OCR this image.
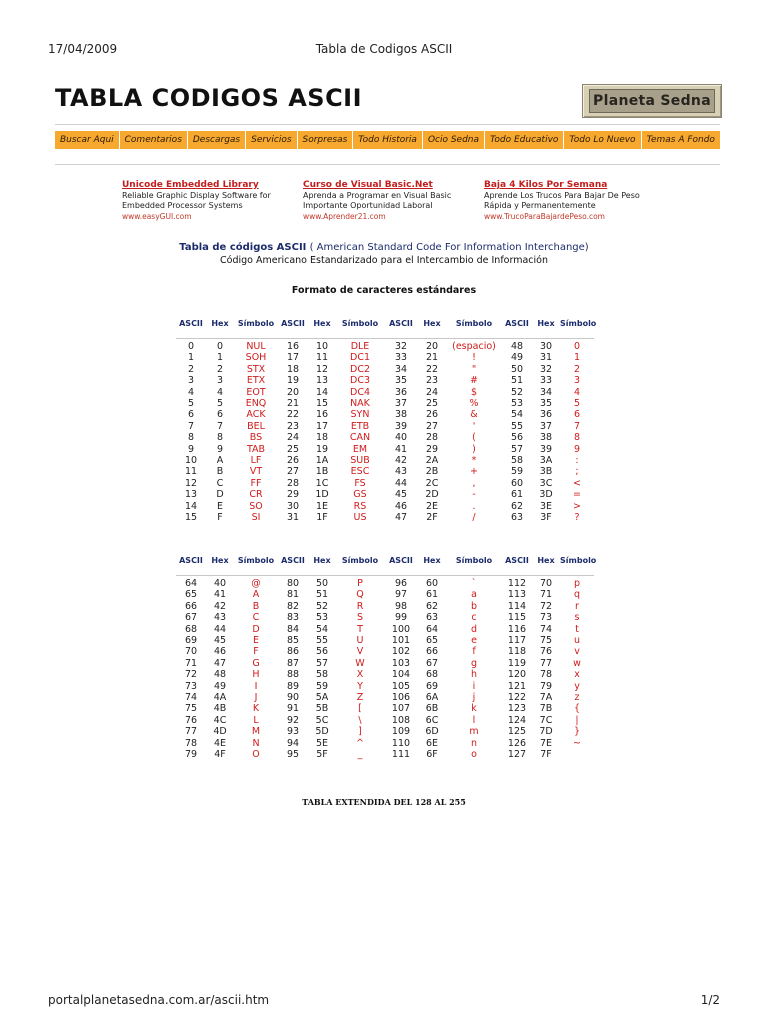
17/04/2009	Tabla de Codigos ASCII
TABLA CODIGOS ASCII	Planeta Sedna
Buscar Aqui	Comentarios	Descargas	Servicios	Sorpresas	Todo Historia	Ocio Sedna	Todo Educativo	Todo Lo Nuevo	Temas A Fondo
Unicode Embedded Library
Reliable Graphic Display Software for Embedded Processor Systems
www.easyGUI.com
Curso de Visual Basic.Net
Aprenda a Programar en Visual Basic Importante Oportunidad Laboral
www.Aprender21.com
Baja 4 Kilos Por Semana
Aprende Los Trucos Para Bajar De Peso Rápida y Permanentemente
www.TrucoParaBajardePeso.com
Tabla de códigos ASCII ( American Standard Code For Information Interchange)
Código Americano Estandarizado para el Intercambio de Información
Formato de caracteres estándares
ASCII	Hex	Símbolo	ASCII	Hex	Símbolo	ASCII	Hex	Símbolo	ASCII	Hex	Símbolo

0	0	NUL	16	10	DLE	32	20	(espacio)	48	30	0
1	1	SOH	17	11	DC1	33	21	!	49	31	1
2	2	STX	18	12	DC2	34	22	"	50	32	2
3	3	ETX	19	13	DC3	35	23	#	51	33	3
4	4	EOT	20	14	DC4	36	24	$	52	34	4
5	5	ENQ	21	15	NAK	37	25	%	53	35	5
6	6	ACK	22	16	SYN	38	26	&	54	36	6
7	7	BEL	23	17	ETB	39	27	'	55	37	7
8	8	BS	24	18	CAN	40	28	(	56	38	8
9	9	TAB	25	19	EM	41	29	)	57	39	9
10	A	LF	26	1A	SUB	42	2A	*	58	3A	:
11	B	VT	27	1B	ESC	43	2B	+	59	3B	;
12	C	FF	28	1C	FS	44	2C	,	60	3C	<
13	D	CR	29	1D	GS	45	2D	-	61	3D	=
14	E	SO	30	1E	RS	46	2E	.	62	3E	>
15	F	SI	31	1F	US	47	2F	/	63	3F	?
ASCII	Hex	Símbolo	ASCII	Hex	Símbolo	ASCII	Hex	Símbolo	ASCII	Hex	Símbolo

64	40	@	80	50	P	96	60	`	112	70	p
65	41	A	81	51	Q	97	61	a	113	71	q
66	42	B	82	52	R	98	62	b	114	72	r
67	43	C	83	53	S	99	63	c	115	73	s
68	44	D	84	54	T	100	64	d	116	74	t
69	45	E	85	55	U	101	65	e	117	75	u
70	46	F	86	56	V	102	66	f	118	76	v
71	47	G	87	57	W	103	67	g	119	77	w
72	48	H	88	58	X	104	68	h	120	78	x
73	49	I	89	59	Y	105	69	i	121	79	y
74	4A	J	90	5A	Z	106	6A	j	122	7A	z
75	4B	K	91	5B	[	107	6B	k	123	7B	{
76	4C	L	92	5C	\	108	6C	l	124	7C	|
77	4D	M	93	5D	]	109	6D	m	125	7D	}
78	4E	N	94	5E	^	110	6E	n	126	7E	~
79	4F	O	95	5F	_	111	6F	o	127	7F	
TABLA EXTENDIDA DEL 128 AL 255
portalplanetasedna.com.ar/ascii.htm	1/2
